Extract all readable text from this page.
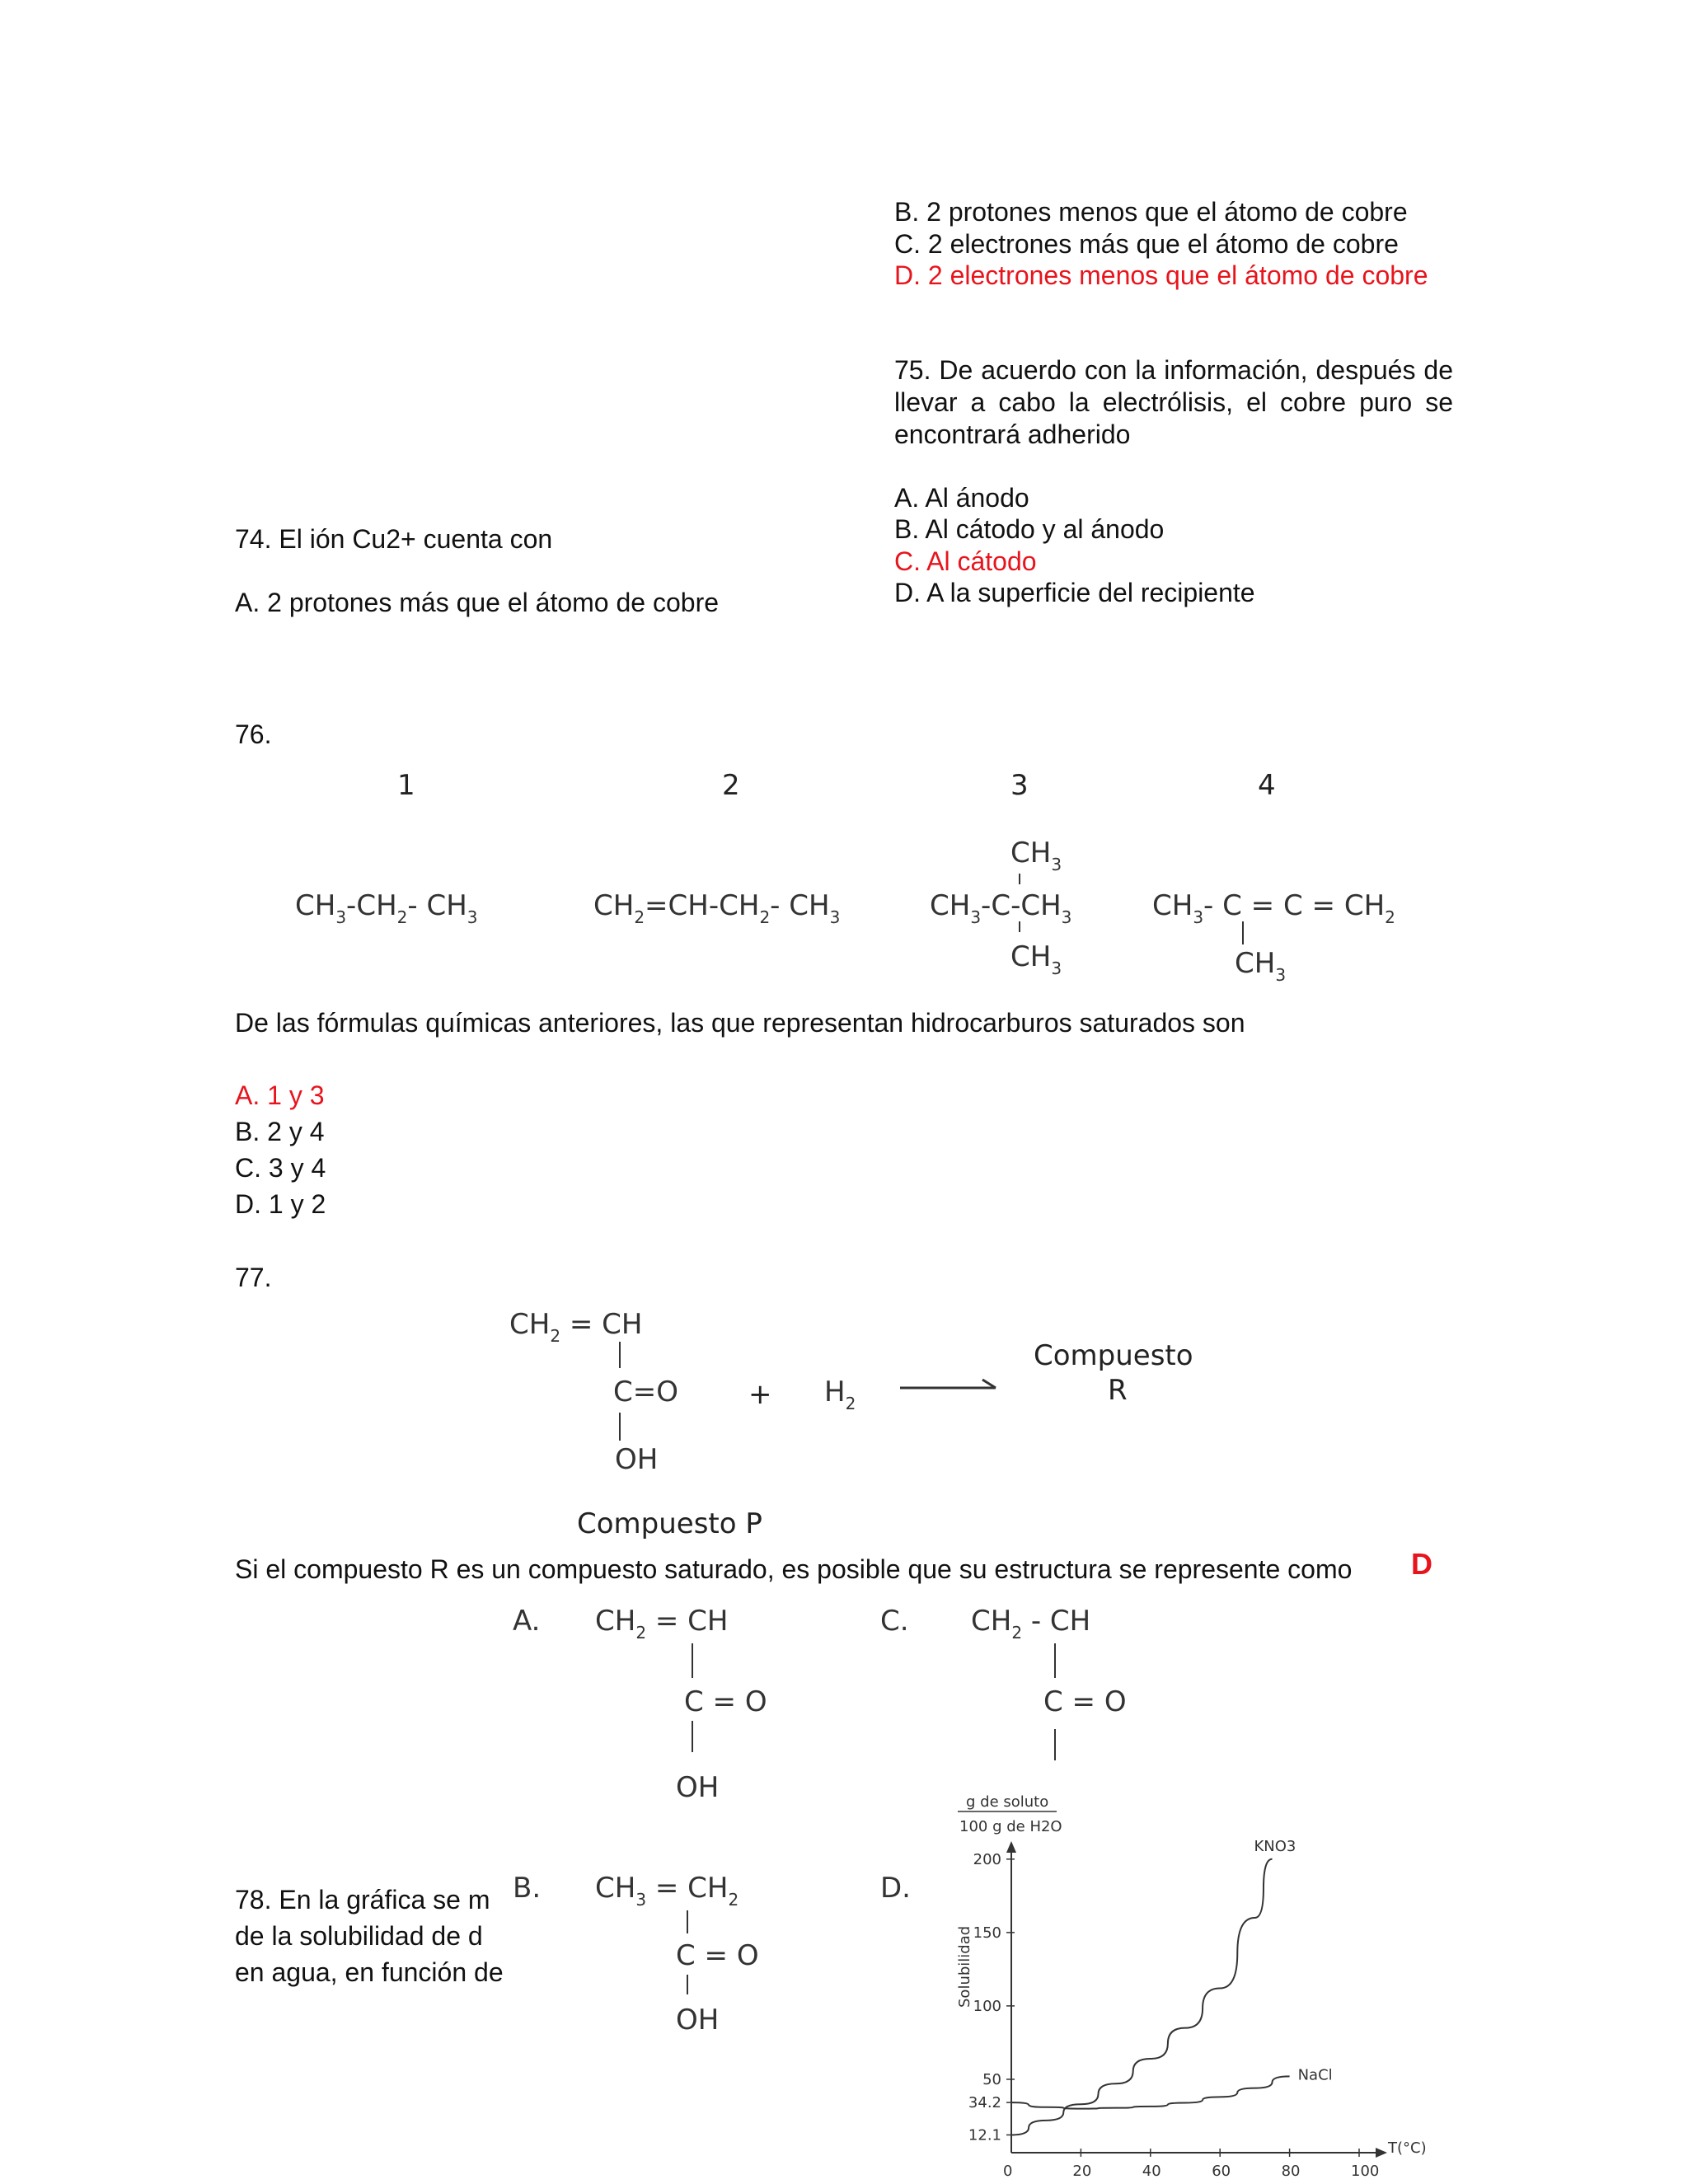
74. El ión Cu2+ cuenta con
A. 2 protones más que el átomo de cobre
B. 2 protones menos que el átomo de cobre
C. 2 electrones más que el átomo de cobre
D. 2 electrones menos que el átomo de cobre
75. De acuerdo con la información, después de llevar a cabo la electrólisis, el cobre puro se encontrará adherido
A. Al ánodo
B. Al cátodo y al ánodo
C. Al cátodo
D. A la superficie del recipiente
76.
1	2	3	4
$CH_3-CH_2-$ $CH_3$	$CH_2=CH-CH_2-$ $CH_3$
$CH_3$
$CH_3-C-CH_3$
$CH_3$
$CH_3-$ $C = C = CH_2$
$CH_3$
De las fórmulas químicas anteriores, las que representan hidrocarburos saturados son
A. 1 y 3
B. 2 y 4
C. 3 y 4
D. 1 y 2
77.
$CH_2$ = CH
C=O
OH
$H_2$
+
Compuesto
R
Compuesto P
Si el compuesto R es un compuesto saturado, es posible que su estructura se represente como D
78. En la gráfica se m
de la solubilidad de d
en agua, en función de
A. $CH_2$ = CH
C = O
OH
C. $CH_2$ - CH
C = O
B. $CH_3 = CH_2$
C = O
OH
D.
g de soluto
100 g de H2O
Solubilidad
T(°C)
0	20	40	60	80	100
12.1
34.2
50
100
150
200
KNO3
NaCl
